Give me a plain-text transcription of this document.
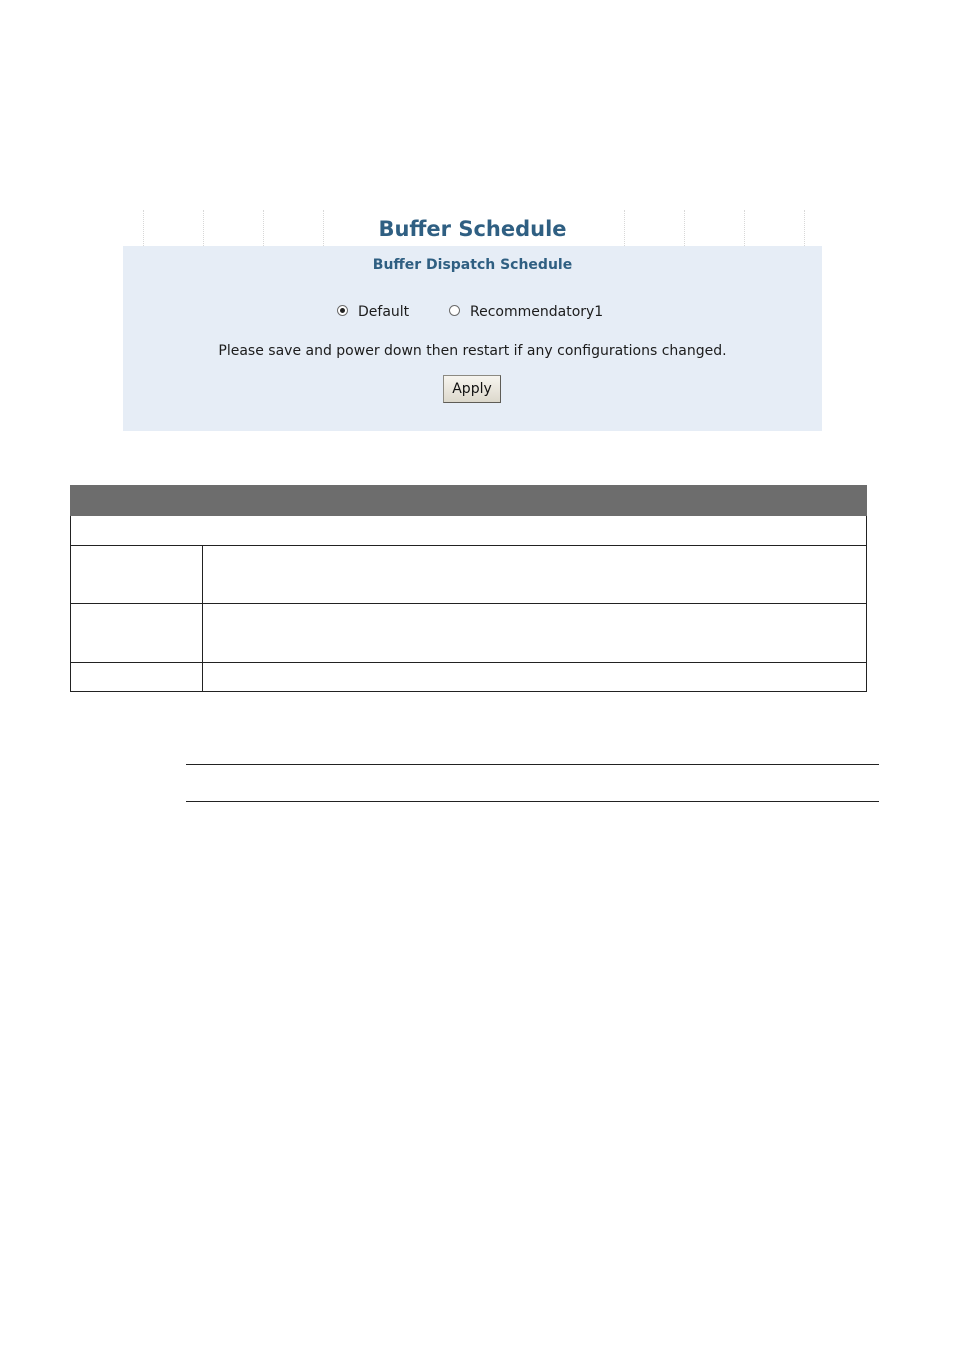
Buffer Schedule
Buffer Dispatch Schedule
Default	Recommendatory1
Please save and power down then restart if any configurations changed.
Apply
